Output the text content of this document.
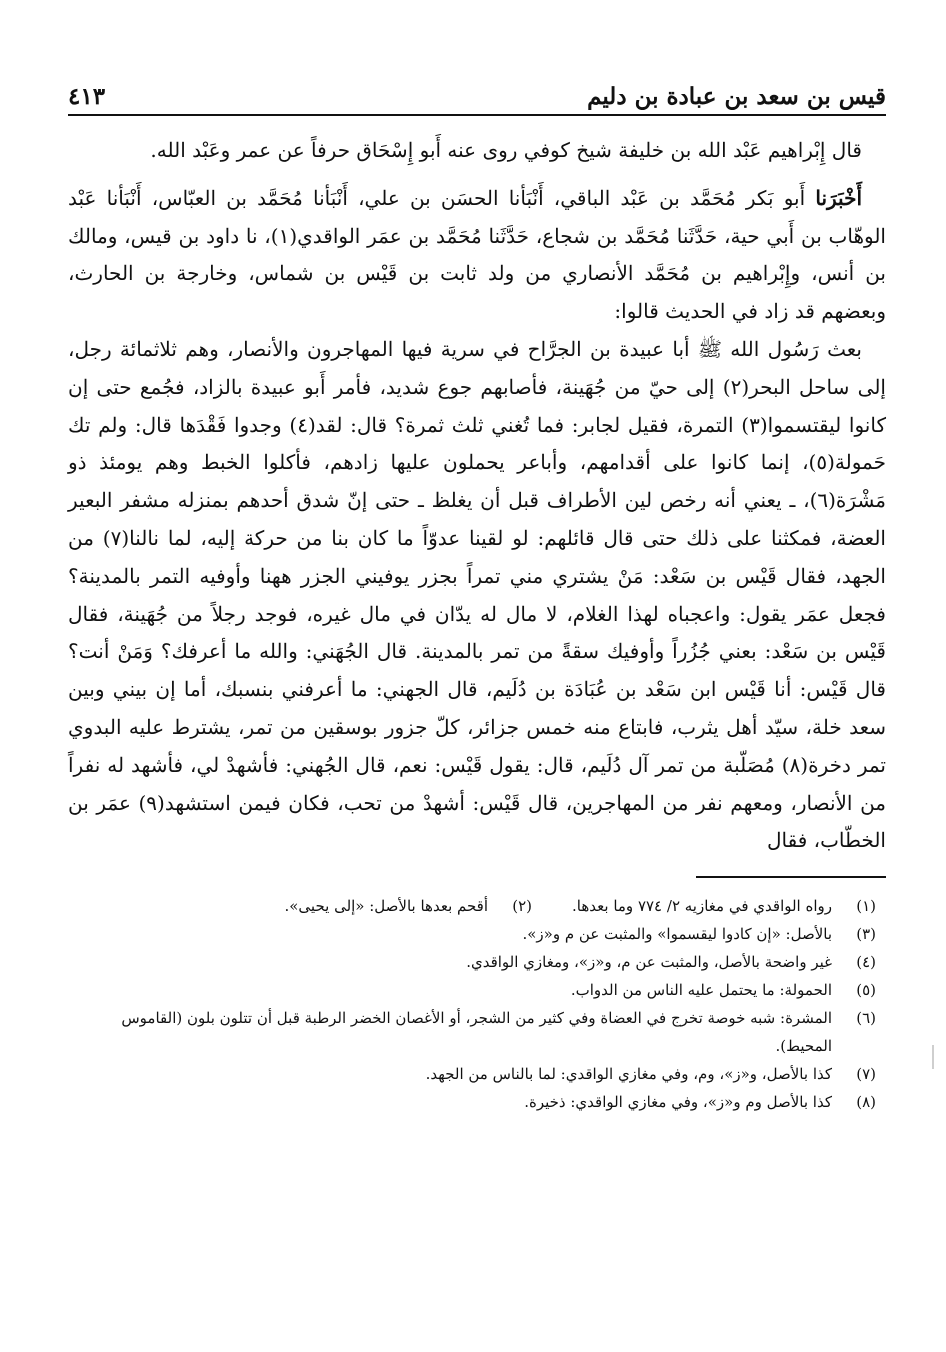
قيس بن سعد بن عبادة بن دليم
٤١٣

قال إِبْراهيم عَبْد الله بن خليفة شيخ كوفي روى عنه أَبو إِسْحَاق حرفاً عن عمر وعَبْد الله.

أَخْبَرَنا أَبو بَكر مُحَمَّد بن عَبْد الباقي، أَنْبَأنا الحسَن بن علي، أَنْبَأنا مُحَمَّد بن العبّاس، أَنْبَأنا عَبْد الوهّاب بن أَبي حية، حَدَّثَنا مُحَمَّد بن شجاع، حَدَّثَنا مُحَمَّد بن عمَر الواقدي(١)، نا داود بن قيس، ومالك بن أنس، وإِبْراهيم بن مُحَمَّد الأنصاري من ولد ثابت بن قَيْس بن شماس، وخارجة بن الحارث، وبعضهم قد زاد في الحديث قالوا:

بعث رَسُول الله ﷺ أبا عبيدة بن الجرَّاح في سرية فيها المهاجرون والأنصار، وهم ثلاثمائة رجل، إلى ساحل البحر(٢) إلى حيّ من جُهَينة، فأصابهم جوع شديد، فأمر أَبو عبيدة بالزاد، فجُمع حتى إن كانوا ليقتسموا(٣) التمرة، فقيل لجابر: فما تُغني ثلث ثمرة؟ قال: لقد(٤) وجدوا فَقْدَها قال: ولم تك حَمولة(٥)، إنما كانوا على أقدامهم، وأباعر يحملون عليها زادهم، فأكلوا الخبط وهم يومئذ ذو مَشْرَة(٦)، ـ يعني أنه رخص لين الأطراف قبل أن يغلظ ـ حتى إنّ شدق أحدهم بمنزله مشفر البعير العضة، فمكثنا على ذلك حتى قال قائلهم: لو لقينا عدوّاً ما كان بنا من حركة إليه، لما نالنا(٧) من الجهد، فقال قَيْس بن سَعْد: مَنْ يشتري مني تمراً بجزر يوفيني الجزر ههنا وأوفيه التمر بالمدينة؟ فجعل عمَر يقول: واعجباه لهذا الغلام، لا مال له يدّان في مال غيره، فوجد رجلاً من جُهَينة، فقال قَيْس بن سَعْد: بعني جُزُراً وأوفيك سقةً من تمر بالمدينة. قال الجُهَني: والله ما أعرفك؟ وَمَنْ أنت؟ قال قَيْس: أنا قَيْس ابن سَعْد بن عُبَادَة بن دُلَيم، قال الجهني: ما أعرفني بنسبك، أما إن بيني وبين سعد خلة، سيّد أهل يثرب، فابتاع منه خمس جزائر، كلّ جزور بوسقين من تمر، يشترط عليه البدوي تمر دخرة(٨) مُصَلّبة من تمر آل دُلَيم، قال: يقول قَيْس: نعم، قال الجُهني: فأشهدْ لي، فأشهد له نفراً من الأنصار، ومعهم نفر من المهاجرين، قال قَيْس: أشهدْ من تحب، فكان فيمن استشهد(٩) عمَر بن الخطّاب، فقال

(١)
رواه الواقدي في مغازيه ٢/ ٧٧٤ وما بعدها.
(٢)
أقحم بعدها بالأصل: «إلى يحيى».
(٣)
بالأصل: «إن كادوا ليقسموا» والمثبت عن م و«ز».
(٤)
غير واضحة بالأصل، والمثبت عن م، و«ز»، ومغازي الواقدي.
(٥)
الحمولة: ما يحتمل عليه الناس من الدواب.
(٦)
المشرة: شبه خوصة تخرج في العضاة وفي كثير من الشجر، أو الأغصان الخضر الرطبة قبل أن تتلون بلون (القاموس المحيط).
(٧)
كذا بالأصل، و«ز»، وم، وفي مغازي الواقدي: لما بالناس من الجهد.
(٨)
كذا بالأصل وم و«ز»، وفي مغازي الواقدي: ذخيرة.
